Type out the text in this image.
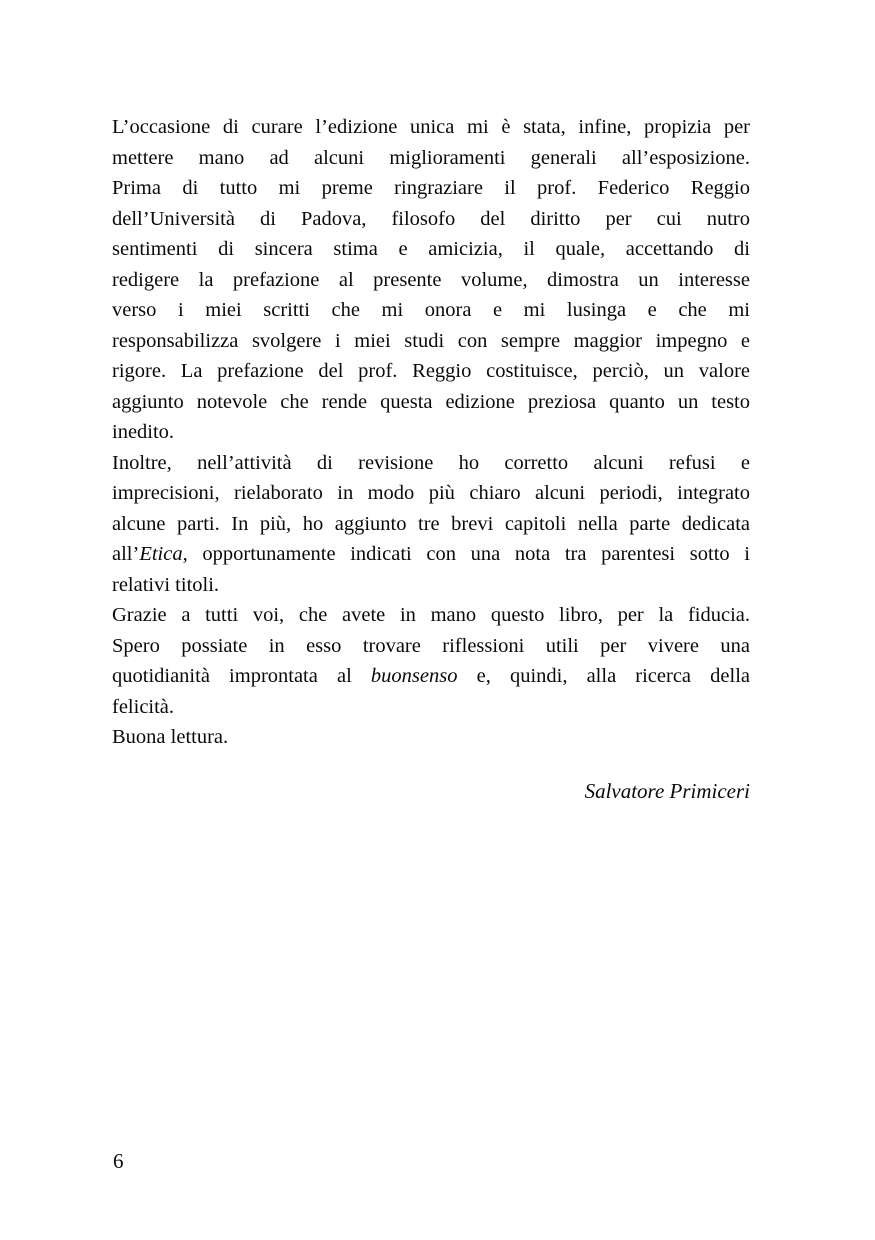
L’occasione di curare l’edizione unica mi è stata, infine, propizia per
mettere mano ad alcuni miglioramenti generali all’esposizione.
Prima di tutto mi preme ringraziare il prof. Federico Reggio
dell’Università di Padova, filosofo del diritto per cui nutro
sentimenti di sincera stima e amicizia, il quale, accettando di
redigere la prefazione al presente volume, dimostra un interesse
verso i miei scritti che mi onora e mi lusinga e che mi
responsabilizza svolgere i miei studi con sempre maggior impegno e
rigore. La prefazione del prof. Reggio costituisce, perciò, un valore
aggiunto notevole che rende questa edizione preziosa quanto un testo
inedito.
Inoltre, nell’attività di revisione ho corretto alcuni refusi e
imprecisioni, rielaborato in modo più chiaro alcuni periodi, integrato
alcune parti. In più, ho aggiunto tre brevi capitoli nella parte dedicata
all’Etica, opportunamente indicati con una nota tra parentesi sotto i
relativi titoli.
Grazie a tutti voi, che avete in mano questo libro, per la fiducia.
Spero possiate in esso trovare riflessioni utili per vivere una
quotidianità improntata al buonsenso e, quindi, alla ricerca della
felicità.
Buona lettura.
Salvatore Primiceri
6
